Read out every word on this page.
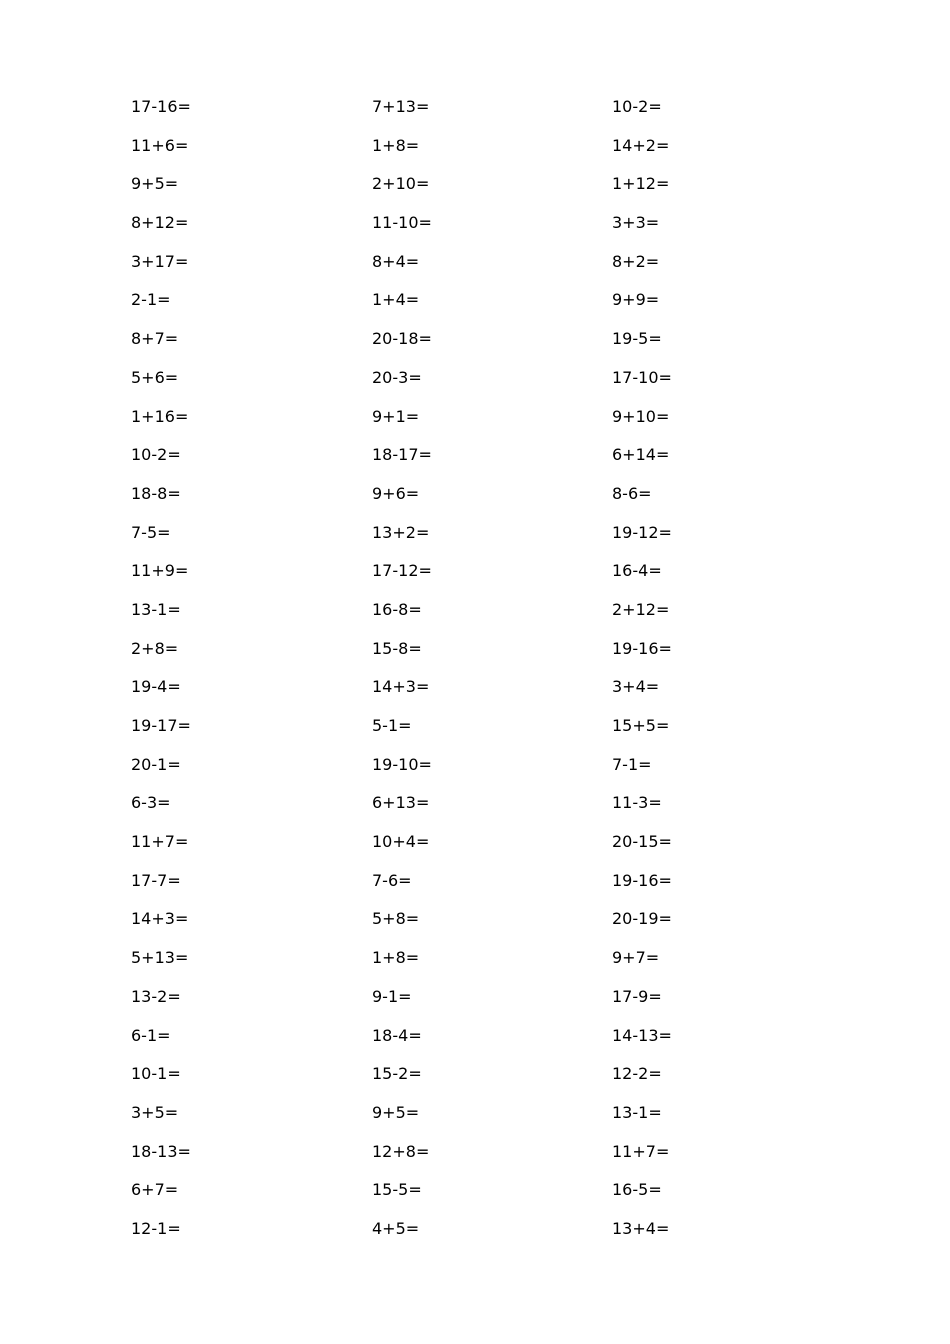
17-16=
11+6=
9+5=
8+12=
3+17=
2-1=
8+7=
5+6=
1+16=
10-2=
18-8=
7-5=
11+9=
13-1=
2+8=
19-4=
19-17=
20-1=
6-3=
11+7=
17-7=
14+3=
5+13=
13-2=
6-1=
10-1=
3+5=
18-13=
6+7=
12-1=
7+13=
1+8=
2+10=
11-10=
8+4=
1+4=
20-18=
20-3=
9+1=
18-17=
9+6=
13+2=
17-12=
16-8=
15-8=
14+3=
5-1=
19-10=
6+13=
10+4=
7-6=
5+8=
1+8=
9-1=
18-4=
15-2=
9+5=
12+8=
15-5=
4+5=
10-2=
14+2=
1+12=
3+3=
8+2=
9+9=
19-5=
17-10=
9+10=
6+14=
8-6=
19-12=
16-4=
2+12=
19-16=
3+4=
15+5=
7-1=
11-3=
20-15=
19-16=
20-19=
9+7=
17-9=
14-13=
12-2=
13-1=
11+7=
16-5=
13+4=
